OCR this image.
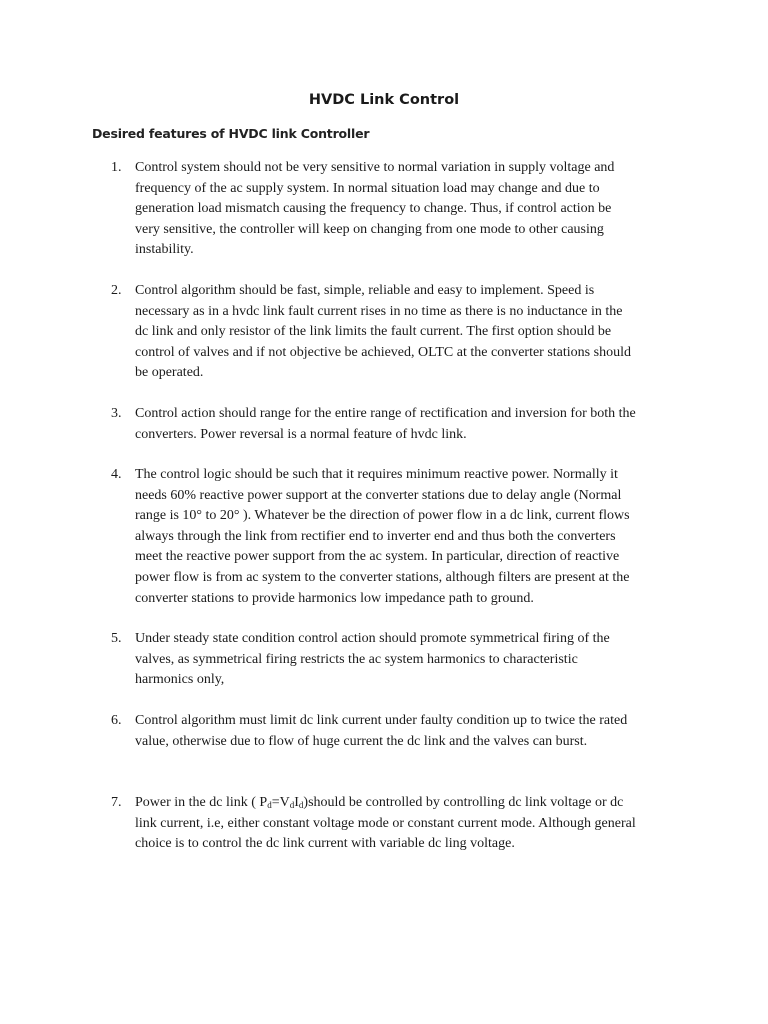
HVDC Link Control
Desired features of HVDC link Controller
1. Control system should not be very sensitive to normal variation in supply voltage and
frequency of the ac supply system. In normal situation load may change and due to
generation load mismatch causing the frequency to change. Thus, if control action be
very sensitive, the controller will keep on changing from one mode to other causing
instability.
2. Control algorithm should be fast, simple, reliable and easy to implement. Speed is
necessary as in a hvdc link fault current rises in no time as there is no inductance in the
dc link and only resistor of the link limits the fault current. The first option should be
control of valves and if not objective be achieved, OLTC at the converter stations should
be operated.
3. Control action should range for the entire range of rectification and inversion for both the
converters. Power reversal is a normal feature of hvdc link.
4. The control logic should be such that it requires minimum reactive power. Normally it
needs 60% reactive power support at the converter stations due to delay angle (Normal
range is 10° to 20° ). Whatever be the direction of power flow in a dc link, current flows
always through the link from rectifier end to inverter end and thus both the converters
meet the reactive power support from the ac system. In particular, direction of reactive
power flow is from ac system to the converter stations, although filters are present at the
converter stations to provide harmonics low impedance path to ground.
5. Under steady state condition control action should promote symmetrical firing of the
valves, as symmetrical firing restricts the ac system harmonics to characteristic
harmonics only,
6. Control algorithm must limit dc link current under faulty condition up to twice the rated
value, otherwise due to flow of huge current the dc link and the valves can burst.
7. Power in the dc link ( $P_d=V_dI_d)should$ be controlled by controlling dc link voltage or dc
link current, i.e, either constant voltage mode or constant current mode. Although general
choice is to control the dc link current with variable dc ling voltage.
